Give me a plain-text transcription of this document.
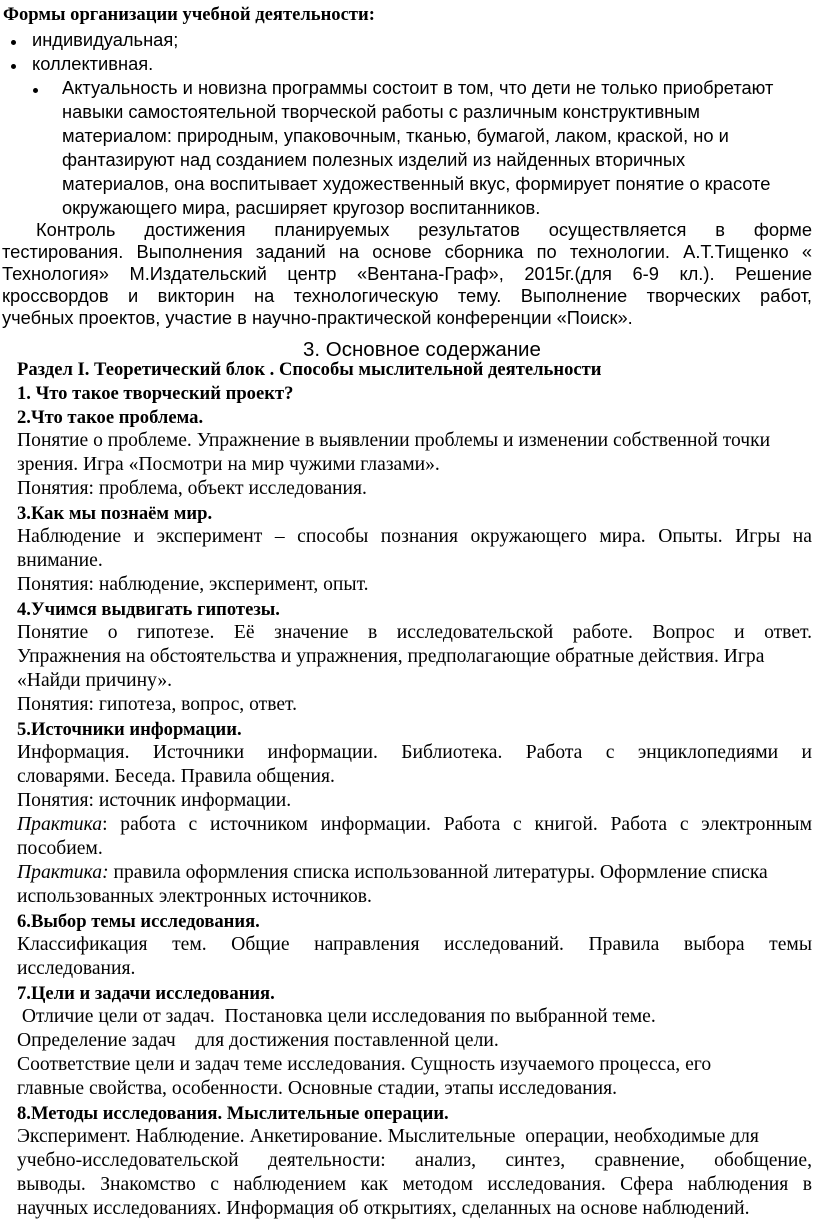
Формы организации учебной деятельности:
индивидуальная;
коллективная.
Актуальность и новизна программы состоит в том, что дети не только приобретают
навыки самостоятельной творческой работы с различным конструктивным
материалом: природным, упаковочным, тканью, бумагой, лаком, краской, но и
фантазируют над созданием полезных изделий из найденных вторичных
материалов, она воспитывает художественный вкус, формирует понятие о красоте
окружающего мира, расширяет кругозор воспитанников.
Контроль достижения планируемых результатов осуществляется в форме
тестирования. Выполнения заданий на основе сборника по технологии. А.Т.Тищенко «
Технология» М.Издательский центр «Вентана-Граф», 2015г.(для 6-9 кл.). Решение
кроссвордов и викторин на технологическую тему. Выполнение творческих работ,
учебных проектов, участие в научно-практической конференции «Поиск».
3. Основное содержание
Раздел I. Теоретический блок . Способы мыслительной деятельности
1. Что такое творческий проект?
2.Что такое проблема.
Понятие о проблеме. Упражнение в выявлении проблемы и изменении собственной точки
зрения. Игра «Посмотри на мир чужими глазами».
Понятия: проблема, объект исследования.
3.Как мы познаём мир.
Наблюдение и эксперимент – способы познания окружающего мира. Опыты. Игры на
внимание.
Понятия: наблюдение, эксперимент, опыт.
4.Учимся выдвигать гипотезы.
Понятие о гипотезе. Её значение в исследовательской работе. Вопрос и ответ.
Упражнения на обстоятельства и упражнения, предполагающие обратные действия. Игра
«Найди причину».
Понятия: гипотеза, вопрос, ответ.
5.Источники информации.
Информация. Источники информации. Библиотека. Работа с энциклопедиями и
словарями. Беседа. Правила общения.
Понятия: источник информации.
Практика: работа с источником информации. Работа с книгой. Работа с электронным
пособием.
Практика: правила оформления списка использованной литературы. Оформление списка
использованных электронных источников.
6.Выбор темы исследования.
Классификация тем. Общие направления исследований. Правила выбора темы
исследования.
7.Цели и задачи исследования.
Отличие цели от задач.  Постановка цели исследования по выбранной теме.
Определение задач    для достижения поставленной цели.
Соответствие цели и задач теме исследования. Сущность изучаемого процесса, его
главные свойства, особенности. Основные стадии, этапы исследования.
8.Методы исследования. Мыслительные операции.
Эксперимент. Наблюдение. Анкетирование. Мыслительные  операции, необходимые для
учебно-исследовательской деятельности: анализ, синтез, сравнение, обобщение,
выводы. Знакомство с наблюдением как методом исследования. Сфера наблюдения в
научных исследованиях. Информация об открытиях, сделанных на основе наблюдений.
